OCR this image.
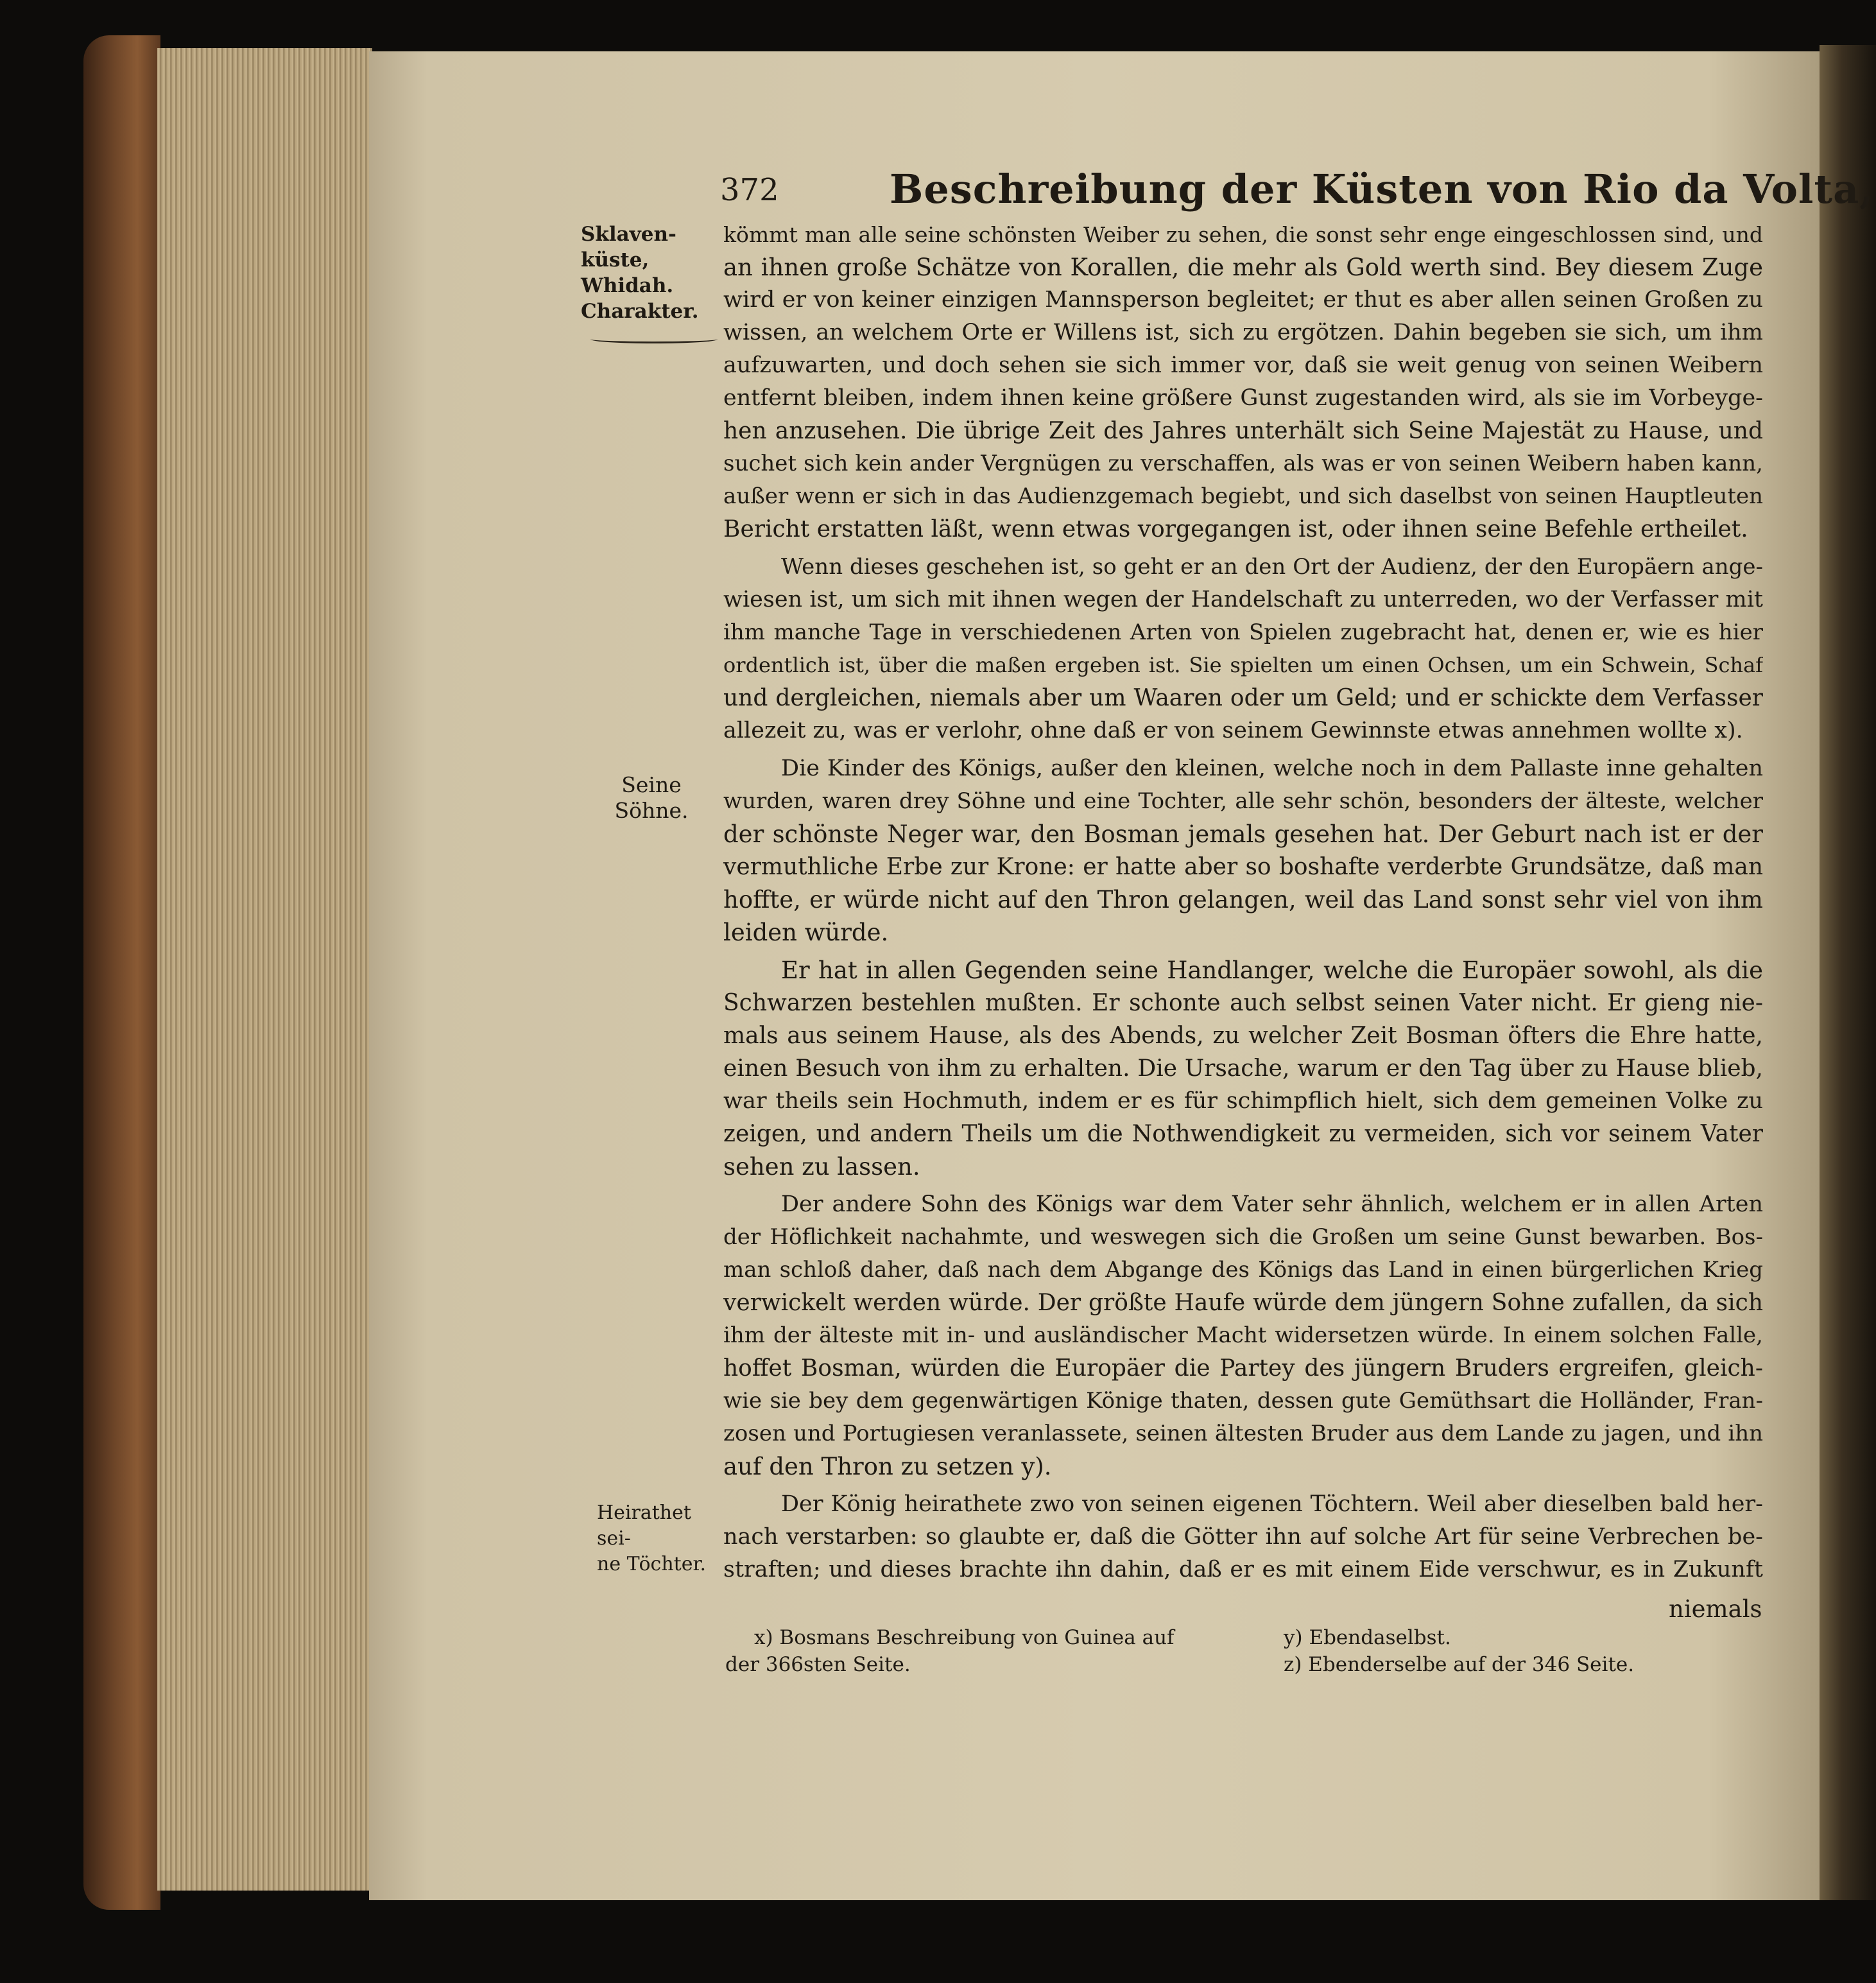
372	Beschreibung der Küsten von Rio da Volta,
Sklaven-
küste,
Whidah.
Charakter.
Seine
Söhne.
Heirathet sei-
ne Töchter.
kömmt man alle seine schönsten Weiber zu sehen, die sonst sehr enge eingeschlossen sind, und
an ihnen große Schätze von Korallen, die mehr als Gold werth sind. Bey diesem Zuge
wird er von keiner einzigen Mannsperson begleitet; er thut es aber allen seinen Großen zu
wissen, an welchem Orte er Willens ist, sich zu ergötzen. Dahin begeben sie sich, um ihm
aufzuwarten, und doch sehen sie sich immer vor, daß sie weit genug von seinen Weibern
entfernt bleiben, indem ihnen keine größere Gunst zugestanden wird, als sie im Vorbeyge-
hen anzusehen. Die übrige Zeit des Jahres unterhält sich Seine Majestät zu Hause, und
suchet sich kein ander Vergnügen zu verschaffen, als was er von seinen Weibern haben kann,
außer wenn er sich in das Audienzgemach begiebt, und sich daselbst von seinen Hauptleuten
Bericht erstatten läßt, wenn etwas vorgegangen ist, oder ihnen seine Befehle ertheilet.
Wenn dieses geschehen ist, so geht er an den Ort der Audienz, der den Europäern ange-
wiesen ist, um sich mit ihnen wegen der Handelschaft zu unterreden, wo der Verfasser mit
ihm manche Tage in verschiedenen Arten von Spielen zugebracht hat, denen er, wie es hier
ordentlich ist, über die maßen ergeben ist. Sie spielten um einen Ochsen, um ein Schwein, Schaf
und dergleichen, niemals aber um Waaren oder um Geld; und er schickte dem Verfasser
allezeit zu, was er verlohr, ohne daß er von seinem Gewinnste etwas annehmen wollte x).
Die Kinder des Königs, außer den kleinen, welche noch in dem Pallaste inne gehalten
wurden, waren drey Söhne und eine Tochter, alle sehr schön, besonders der älteste, welcher
der schönste Neger war, den Bosman jemals gesehen hat. Der Geburt nach ist er der
vermuthliche Erbe zur Krone: er hatte aber so boshafte verderbte Grundsätze, daß man
hoffte, er würde nicht auf den Thron gelangen, weil das Land sonst sehr viel von ihm
leiden würde.
Er hat in allen Gegenden seine Handlanger, welche die Europäer sowohl, als die
Schwarzen bestehlen mußten. Er schonte auch selbst seinen Vater nicht. Er gieng nie-
mals aus seinem Hause, als des Abends, zu welcher Zeit Bosman öfters die Ehre hatte,
einen Besuch von ihm zu erhalten. Die Ursache, warum er den Tag über zu Hause blieb,
war theils sein Hochmuth, indem er es für schimpflich hielt, sich dem gemeinen Volke zu
zeigen, und andern Theils um die Nothwendigkeit zu vermeiden, sich vor seinem Vater
sehen zu lassen.
Der andere Sohn des Königs war dem Vater sehr ähnlich, welchem er in allen Arten
der Höflichkeit nachahmte, und weswegen sich die Großen um seine Gunst bewarben. Bos-
man schloß daher, daß nach dem Abgange des Königs das Land in einen bürgerlichen Krieg
verwickelt werden würde. Der größte Haufe würde dem jüngern Sohne zufallen, da sich
ihm der älteste mit in- und ausländischer Macht widersetzen würde. In einem solchen Falle,
hoffet Bosman, würden die Europäer die Partey des jüngern Bruders ergreifen, gleich-
wie sie bey dem gegenwärtigen Könige thaten, dessen gute Gemüthsart die Holländer, Fran-
zosen und Portugiesen veranlassete, seinen ältesten Bruder aus dem Lande zu jagen, und ihn
auf den Thron zu setzen y).
Der König heirathete zwo von seinen eigenen Töchtern. Weil aber dieselben bald her-
nach verstarben: so glaubte er, daß die Götter ihn auf solche Art für seine Verbrechen be-
straften; und dieses brachte ihn dahin, daß er es mit einem Eide verschwur, es in Zukunft
niemals
x) Bosmans Beschreibung von Guinea auf
der 366sten Seite.
y) Ebendaselbst.
z) Ebenderselbe auf der 346 Seite.
